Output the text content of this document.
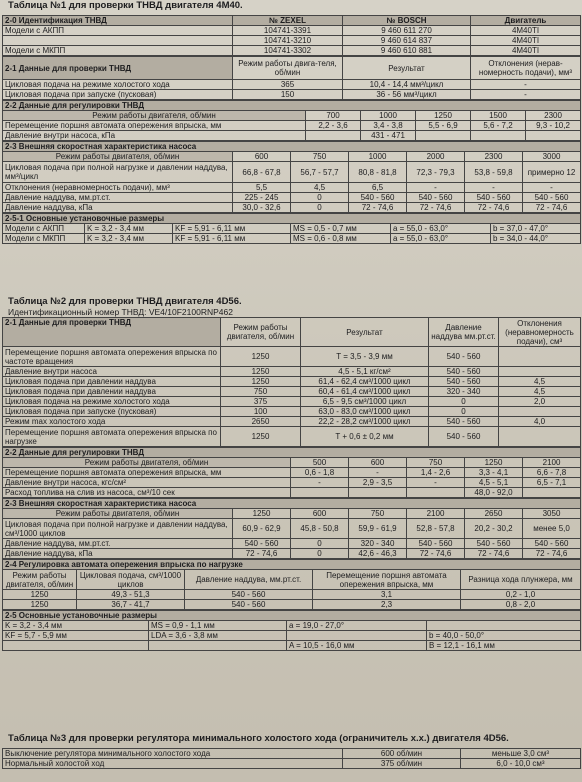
Таблица №1 для проверки ТНВД двигателя 4М40.
2-0 Идентификация ТНВД	№ ZEXEL	№ BOSCH	Двигатель
Модели с АКПП	104741-3391	9 460 611 270	4M40TI
	104741-3210	9 460 614 837	4M40TI
Модели с МКПП	104741-3302	9 460 610 881	4M40TI
2-1 Данные для проверки ТНВД	Режим работы двига-теля, об/мин	Результат	Отклонения (нерав-номерность подачи), мм³
Цикловая подача на режиме холостого хода	365	10,4 - 14,4 мм³/цикл	-
Цикловая подача при запуске (пусковая)	150	36 - 56 мм³/цикл	-
2-2 Данные для регулировки ТНВД					
Режим работы двигателя, об/мин	700	1000	1250	1500	2300
Перемещение поршня автомата опережения впрыска, мм	2,2 - 3,6	3,4 - 3,8	5,5 - 6,9	5,6 - 7,2	9,3 - 10,2
Давление внутри насоса, кПа		431 - 471			
2-3 Внешняя скоростная характеристика насоса						
Режим работы двигателя, об/мин	600	750	1000	2000	2300	3000
Цикловая подача при полной нагрузке и давлении наддува, мм³/цикл	66,8 - 67,8	56,7 - 57,7	80,8 - 81,8	72,3 - 79,3	53,8 - 59,8	примерно 12
Отклонения (неравномерность подачи), мм³	5,5	4,5	6,5	-	-	-
Давление наддува, мм.рт.ст.	225 - 245	0	540 - 560	540 - 560	540 - 560	540 - 560
Давление наддува, кПа	30,0 - 32,6	0	72 - 74,6	72 - 74,6	72 - 74,6	72 - 74,6
2-5-1 Основные установочные размеры					
Модели с АКПП	K = 3,2 - 3,4 мм	KF = 5,91 - 6,11 мм	MS = 0,5 - 0,7 мм	a = 55,0 - 63,0°	b = 37,0 - 47,0°
Модели с МКПП	K = 3,2 - 3,4 мм	KF = 5,91 - 6,11 мм	MS = 0,6 - 0,8 мм	a = 55,0 - 63,0°	b = 34,0 - 44,0°
Таблица №2 для проверки ТНВД двигателя 4D56.
Идентификационный номер ТНВД: VE4/10F2100RNP462
2-1 Данные для проверки ТНВД	Режим работы двигателя, об/мин	Результат	Давление наддува мм.рт.ст.	Отклонения (неравномерность подачи), см³
Перемещение поршня автомата опережения впрыска по частоте вращения	1250	T = 3,5 - 3,9 мм	540 - 560	
Давление внутри насоса	1250	4,5 - 5,1 кг/см²	540 - 560	
Цикловая подача при давлении наддува	1250	61,4 - 62,4 см³/1000 цикл	540 - 560	4,5
Цикловая подача при давлении наддува	750	60,4 - 61,4 см³/1000 цикл	320 - 340	4,5
Цикловая подача на режиме холостого хода	375	6,5 - 9,5 см³/1000 цикл	0	2,0
Цикловая подача при запуске (пусковая)	100	63,0 - 83,0 см³/1000 цикл	0	
Режим max холостого хода	2650	22,2 - 28,2 см³/1000 цикл	540 - 560	4,0
Перемещение поршня автомата опережения впрыска по нагрузке	1250	T + 0,6 ± 0,2 мм	540 - 560	
2-2 Данные для регулировки ТНВД					
Режим работы двигателя, об/мин	500	600	750	1250	2100
Перемещение поршня автомата опережения впрыска, мм	0,6 - 1,8	-	1,4 - 2,6	3,3 - 4,1	6,6 - 7,8
Давление внутри насоса, кгс/см²	-	2,9 - 3,5	-	4,5 - 5,1	6,5 - 7,1
Расход топлива на слив из насоса, см³/10 сек				48,0 - 92,0	
2-3 Внешняя скоростная характеристика насоса						
Режим работы двигателя, об/мин	1250	600	750	2100	2650	3050
Цикловая подача при полной нагрузке и давлении наддува, см³/1000 циклов	60,9 - 62,9	45,8 - 50,8	59,9 - 61,9	52,8 - 57,8	20,2 - 30,2	менее 5,0
Давление наддува, мм.рт.ст.	540 - 560	0	320 - 340	540 - 560	540 - 560	540 - 560
Давление наддува, кПа	72 - 74,6	0	42,6 - 46,3	72 - 74,6	72 - 74,6	72 - 74,6
2-4 Регулировка автомата опережения впрыска по нагрузке				
Режим работы двигателя, об/мин	Цикловая подача, см³/1000 циклов	Давление наддува, мм.рт.ст.	Перемещение поршня автомата опережения впрыска, мм	Разница хода плунжера, мм
1250	49,3 - 51,3	540 - 560	3,1	0,2 - 1,0
1250	36,7 - 41,7	540 - 560	2,3	0,8 - 2,0
2-5 Основные установочные размеры			
K = 3,2 - 3,4 мм	MS = 0,9 - 1,1 мм	a = 19,0 - 27,0°	
KF = 5,7 - 5,9 мм	LDA = 3,6 - 3,8 мм		b = 40,0 - 50,0°
		A = 10,5 - 16,0 мм	B = 12,1 - 16,1 мм
Таблица №3 для проверки регулятора минимального холостого хода (ограничитель х.х.) двигателя 4D56.
Выключение регулятора минимального холостого хода	600 об/мин	меньше 3,0 см³
Нормальный холостой ход	375 об/мин	6,0 - 10,0 см³
